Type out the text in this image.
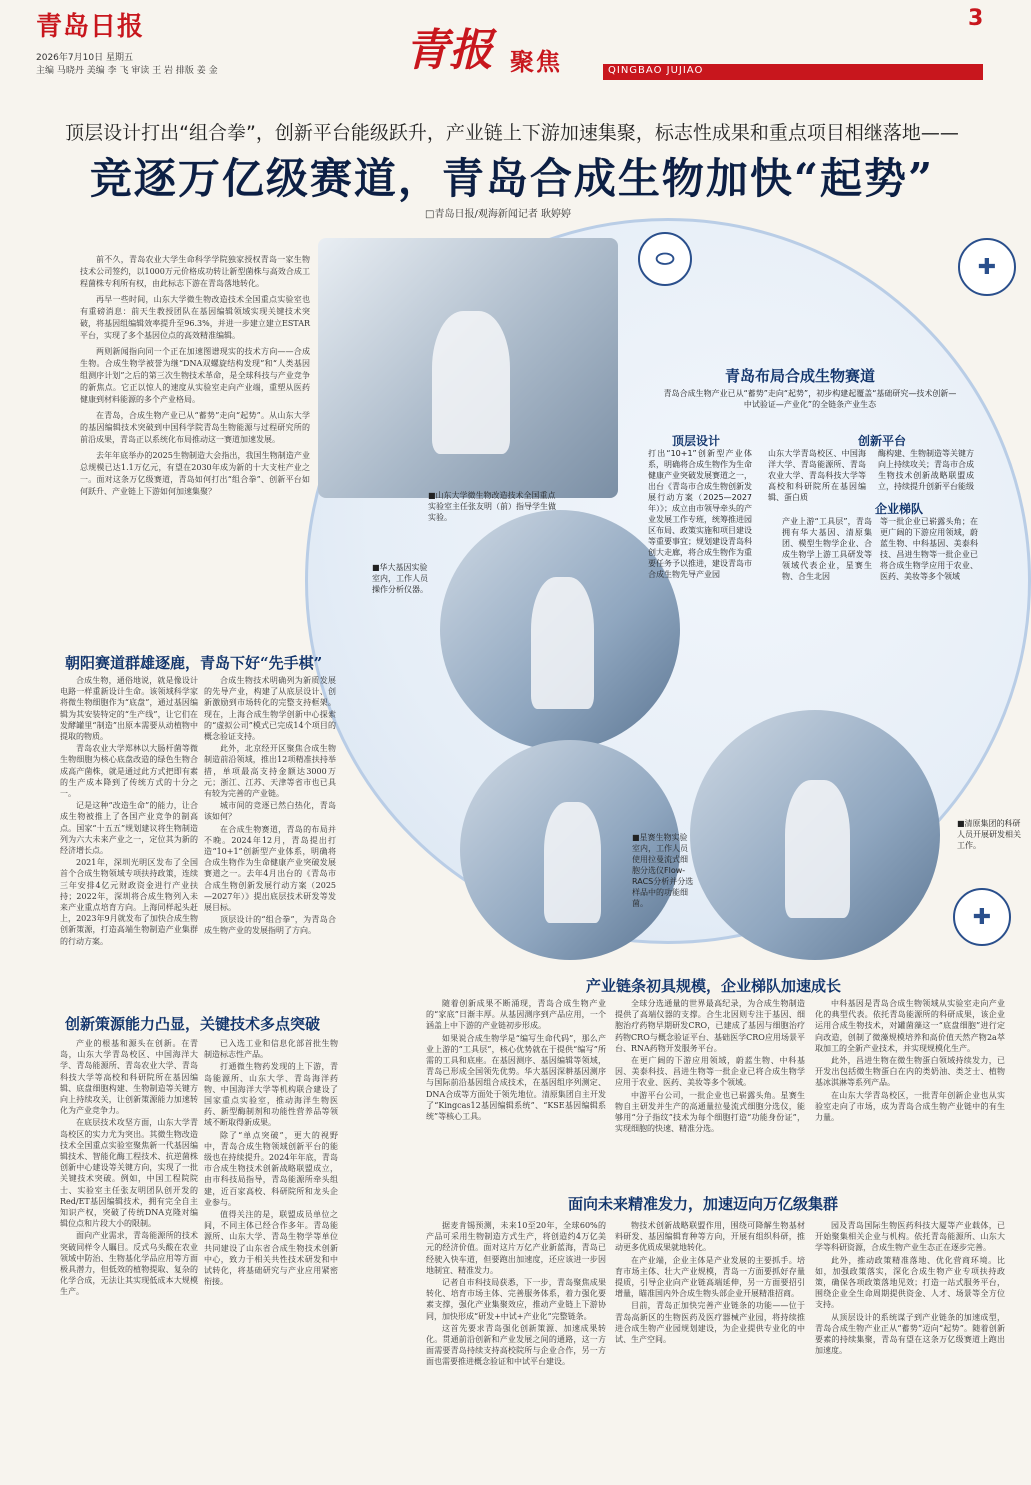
青岛日报
2026年7月10日 星期五
主编 马晓丹 美编 李 飞 审读 王 岩 排版 姜 金	青报 聚焦	QINGBAO JUJIAO
3
顶层设计打出“组合拳”，创新平台能级跃升，产业链上下游加速集聚，标志性成果和重点项目相继落地——
竞逐万亿级赛道，青岛合成生物加快“起势”
□青岛日报/观海新闻记者 耿婷婷

前不久，青岛农业大学生命科学学院独家授权青岛一家生物技术公司签约，以1000万元价格成功转让新型菌株与高效合成工程菌株专利所有权，由此标志下游在青岛落地转化。

再早一些时间，山东大学微生物改造技术全国重点实验室也有重磅消息：前天生教授团队在基因编辑领域实现关键技术突破，将基因组编辑效率提升至96.3%，并进一步建立建立ESTAR平台，实现了多个基因位点的高效精准编辑。

两则新闻指向同一个正在加速图谱现实的技术方向——合成生物。合成生物学被誉为继“DNA双螺旋结构发现”和“人类基因组测序计划”之后的第三次生物技术革命，是全球科技与产业竞争的新焦点。它正以惊人的速度从实验室走向产业端，重塑从医药健康到材料能源的多个产业格局。

在青岛，合成生物产业已从“蓄势”走向“起势”。从山东大学的基因编辑技术突破到中国科学院青岛生物能源与过程研究所的前沿成果，青岛正以系统化布局推动这一赛道加速发展。

去年年底举办的2025生物制造大会指出，我国生物制造产业总规模已达1.1万亿元，有望在2030年成为新的十大支柱产业之一。面对这条万亿级赛道，青岛如何打出“组合拳”、创新平台如何跃升、产业链上下游如何加速集聚？

⬭	✚
✚
■山东大学微生物改造技术全国重点实验室主任张友明（前）指导学生做实验。
■华大基因实验室内，工作人员操作分析仪器。
■星赛生物实验室内，工作人员使用拉曼流式细胞分选仪Flow-RACS分析并分选样品中的功能细菌。
■清原集团的科研人员开展研发相关工作。
青岛布局合成生物赛道
青岛合成生物产业已从“蓄势”走向“起势”，初步构建起覆盖“基础研究—技术创新—中试验证—产业化”的全链条产业生态
顶层设计
打出“10+1”创新型产业体系，明确将合成生物作为生命健康产业突破发展赛道之一，出台《青岛市合成生物创新发展行动方案（2025—2027年）》；成立由市领导牵头的产业发展工作专班，统筹推进园区布局、政策实施和项目建设等重要事宜；规划建设青岛科创大走廊，将合成生物作为重要任务予以推进，建设青岛市合成生物先导产业园
创新平台
山东大学青岛校区、中国海洋大学、青岛能源所、青岛农业大学、青岛科技大学等高校和科研院所在基因编辑、蛋白质
酶构建、生物制造等关键方向上持续攻关；青岛市合成生物技术创新战略联盟成立，持续提升创新平台能级
企业梯队
产业上游“工具层”，青岛拥有华大基因、清原集团、模型生物学企业、合成生物学上游工具研发等领域代表企业，星赛生物、合生北因
等一批企业已崭露头角；在更广阔的下游应用领域，蔚蓝生物、中科基因、美泰科技、昌进生物等一批企业已将合成生物学应用于农业、医药、美妆等多个领域
朝阳赛道群雄逐鹿，青岛下好“先手棋”

合成生物，通俗地说，就是像设计电路一样重新设计生命。该领域科学家将微生物细胞作为“底盘”，通过基因编辑为其安装特定的“生产线”，让它们在发酵罐里“制造”出原本需要从动植物中提取的物质。

青岛农业大学郑林以大肠杆菌等微生物细胞为核心底盘改造的绿色生物合成高产菌株，就是通过此方式把即有素的生产成本降到了传统方式的十分之一。

记是这种“改造生命”的能力，让合成生物被推上了各国产业竞争的制高点。国家“十五五”规划建议将生物制造列为六大未来产业之一，定位其为新的经济增长点。

2021年，深圳光明区发布了全国首个合成生物领域专项扶持政策，连续三年安排4亿元财政资金进行产业扶持；2022年，深圳将合成生物列入未来产业重点培育方向。上海同样起头赶上，2023年9月就发布了加快合成生物创新策源，打造高端生物制造产业集群的行动方案。

合成生物技术明确列为新质发展的先导产业，构建了从底层设计、创新激励到市场转化的完整支持框架。现在，上海合成生物学创新中心探索的“虚拟公司”模式已完成14个项目的概念验证支持。

此外，北京经开区聚焦合成生物制造前沿领域，推出12项精准扶持举措，单项最高支持金额达3000万元；浙江、江苏、天津等省市也已具有较为完善的产业链。

城市间的竞逐已然白热化，青岛该如何？

在合成生物赛道，青岛的布局并不晚。2024年12月，青岛提出打造“10+1”创新型产业体系，明确将合成生物作为生命健康产业突破发展赛道之一。去年4月出台的《青岛市合成生物创新发展行动方案（2025—2027年）》提出底层技术研发等发展目标。

顶层设计的“组合拳”，为青岛合成生物产业的发展指明了方向。

创新策源能力凸显，关键技术多点突破

产业的根基和源头在创新。在青岛，山东大学青岛校区、中国海洋大学、青岛能源所、青岛农业大学、青岛科技大学等高校和科研院所在基因编辑、底盘细胞构建、生物制造等关键方向上持续攻关，让创新策源能力加速转化为产业竞争力。

在底层技术攻坚方面，山东大学青岛校区的实力尤为突出。其微生物改造技术全国重点实验室聚焦新一代基因编辑技术、智能化酶工程技术、抗逆菌株创新中心建设等关键方向，实现了一批关键技术突破。例如，中国工程院院士、实验室主任张友明团队创开发的Red/ET基因编辑技术，拥有完全自主知识产权，突破了传统DNA克隆对编辑位点和片段大小的限制。

面向产业需求，青岛能源所的技术突破同样令人瞩目。反式乌头酸在农业领域中防治、生物基化学品应用等方面极具潜力，但低效的植物提取、复杂的化学合成，无法让其实现低成本大规模生产。

已入选工业和信息化部首批生物制造标志性产品。

打通微生物药发现的上下游，青岛能源所、山东大学、青岛海洋药物、中国海洋大学等机构联合建设了国家重点实验室，推动海洋生物医药、新型酶制剂和功能性营养品等领域不断取得新成果。

除了“单点突破”，更大的视野中，青岛合成生物领域创新平台的能级也在持续提升。2024年年底，青岛市合成生物技术创新战略联盟成立，由市科技局指导，青岛能源所牵头组建，近百家高校、科研院所和龙头企业参与。

值得关注的是，联盟成员单位之间，不同主体已经合作多年。青岛能源所、山东大学、青岛生物学等单位共同建设了山东省合成生物技术创新中心，致力于相关共性技术研发和中试转化，将基础研究与产业应用紧密衔接。

产业链条初具规模，企业梯队加速成长

随着创新成果不断涌现，青岛合成生物产业的“家底”日渐丰厚。从基因测序到产品应用，一个涵盖上中下游的产业链初步形成。

如果说合成生物学是“编写生命代码”，那么产业上游的“工具层”，核心优势就在于提供“编写”所需的工具和底座。在基因测序、基因编辑等领域，青岛已形成全国领先优势。华大基因深耕基因测序与国际前沿基因组合成技术，在基因组序列测定、DNA合成等方面处于领先地位。清原集团自主开发了“Kingcas12基因编辑系统”、“KSE基因编辑系统”等核心工具。

全球分选通量的世界最高纪录，为合成生物制造提供了高端仪器的支撑。合生北因则专注于基因、细胞治疗药物早期研发CRO，已建成了基因与细胞治疗药物CRO与概念验证平台、基础医学CRO应用场景平台、RNA药物开发服务平台。

在更广阔的下游应用领域，蔚蓝生物、中科基因、美泰科技、昌进生物等一批企业已将合成生物学应用于农业、医药、美妆等多个领域。

中游平台公司，一批企业也已崭露头角。星赛生物自主研发并生产的高通量拉曼流式细胞分选仪，能够用“分子指纹”技术为每个细胞打造“功能身份证”，实现细胞的快速、精准分选。

中科基因是青岛合成生物领域从实验室走向产业化的典型代表。依托青岛能源所的科研成果，该企业运用合成生物技术，对罐菌藻这一“底盘细胞”进行定向改造，创制了微藻规模培养和高价值天然产物2a萃取加工的全新产业技术，并实现规模化生产。

此外，昌进生物在微生物蛋白领域持续发力，已开发出包括微生物蛋白在内的类奶油、类芝士、植物基冰淇淋等系列产品。

在山东大学青岛校区，一批青年创新企业也从实验室走向了市场，成为青岛合成生物产业链中的有生力量。

面向未来精准发力，加速迈向万亿级集群

据麦肯锡预测，未来10至20年，全球60%的产品可采用生物制造方式生产，将创造约4万亿美元的经济价值。面对这片万亿产业新蓝海，青岛已经驶入快车道，但要跑出加速度，还应该进一步因地制宜、精准发力。

记者自市科技局获悉，下一步，青岛聚焦成果转化、培育市场主体、完善服务体系，着力强化要素支撑，强化产业集聚效应，推动产业链上下游协同，加快形成“研发+中试+产业化”完整链条。

这首先要求青岛强化创新策源、加速成果转化。贯通前沿创新和产业发展之间的通路，这一方面需要青岛持续支持高校院所与企业合作，另一方面也需要推进概念验证和中试平台建设。

物技术创新战略联盟作用，围绕可降解生物基材料研发、基因编辑育种等方向，开展有组织科研，推动更多优质成果就地转化。

在产业端，企业主体是产业发展的主要抓手。培育市场主体、壮大产业规模，青岛一方面要抓好存量提质，引导企业向产业链高端延伸，另一方面要招引增量，瞄准国内外合成生物头部企业开展精准招商。

目前，青岛正加快完善产业链条的功能——位于青岛高新区的生物医药及医疗器械产业园，将持续推进合成生物产业园规划建设，为企业提供专业化的中试、生产空间。

园及青岛国际生物医药科技大厦等产业载体，已开始聚集相关企业与机构。依托青岛能源所、山东大学等科研资源，合成生物产业生态正在逐步完善。

此外，推动政策精准落地、优化营商环境。比如，加强政策落实，深化合成生物产业专项扶持政策，确保各项政策落地见效；打造一站式服务平台，围绕企业全生命周期提供资金、人才、场景等全方位支持。

从顶层设计的系统谋子到产业链条的加速成型，青岛合成生物产业正从“蓄势”迈向“起势”。随着创新要素的持续集聚，青岛有望在这条万亿级赛道上跑出加速度。
